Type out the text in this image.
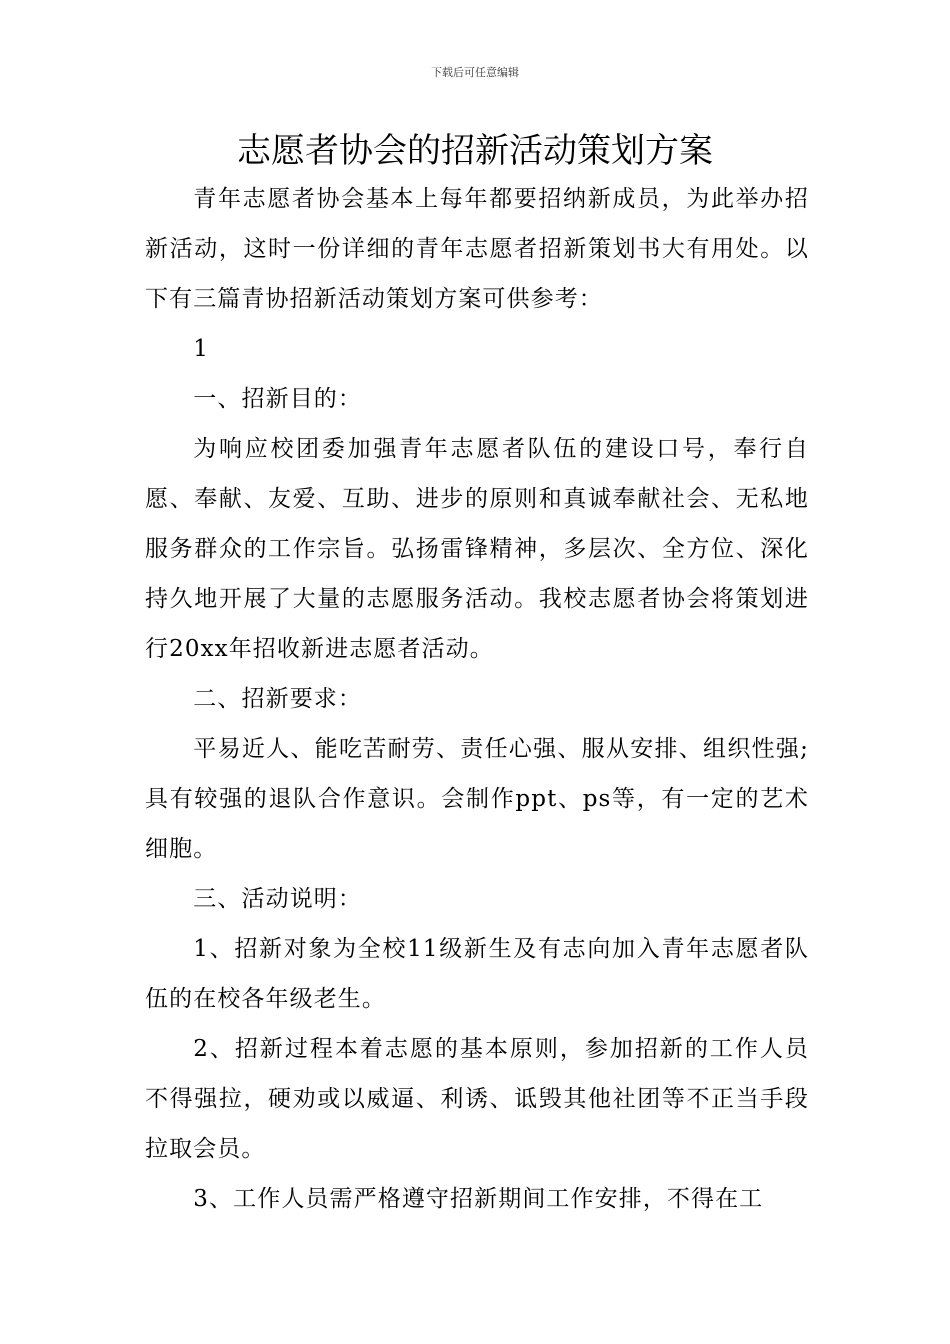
下载后可任意编辑
志愿者协会的招新活动策划方案

青年志愿者协会基本上每年都要招纳新成员，为此举办招新活动，这时一份详细的青年志愿者招新策划书大有用处。以下有三篇青协招新活动策划方案可供参考：

1

一、招新目的：

为响应校团委加强青年志愿者队伍的建设口号，奉行自愿、奉献、友爱、互助、进步的原则和真诚奉献社会、无私地服务群众的工作宗旨。弘扬雷锋精神，多层次、全方位、深化持久地开展了大量的志愿服务活动。我校志愿者协会将策划进行20xx年招收新进志愿者活动。

二、招新要求：

平易近人、能吃苦耐劳、责任心强、服从安排、组织性强;具有较强的退队合作意识。会制作ppt、ps等，有一定的艺术细胞。

三、活动说明：

1、招新对象为全校11级新生及有志向加入青年志愿者队伍的在校各年级老生。

2、招新过程本着志愿的基本原则，参加招新的工作人员不得强拉，硬劝或以威逼、利诱、诋毁其他社团等不正当手段拉取会员。

3、工作人员需严格遵守招新期间工作安排，不得在工
